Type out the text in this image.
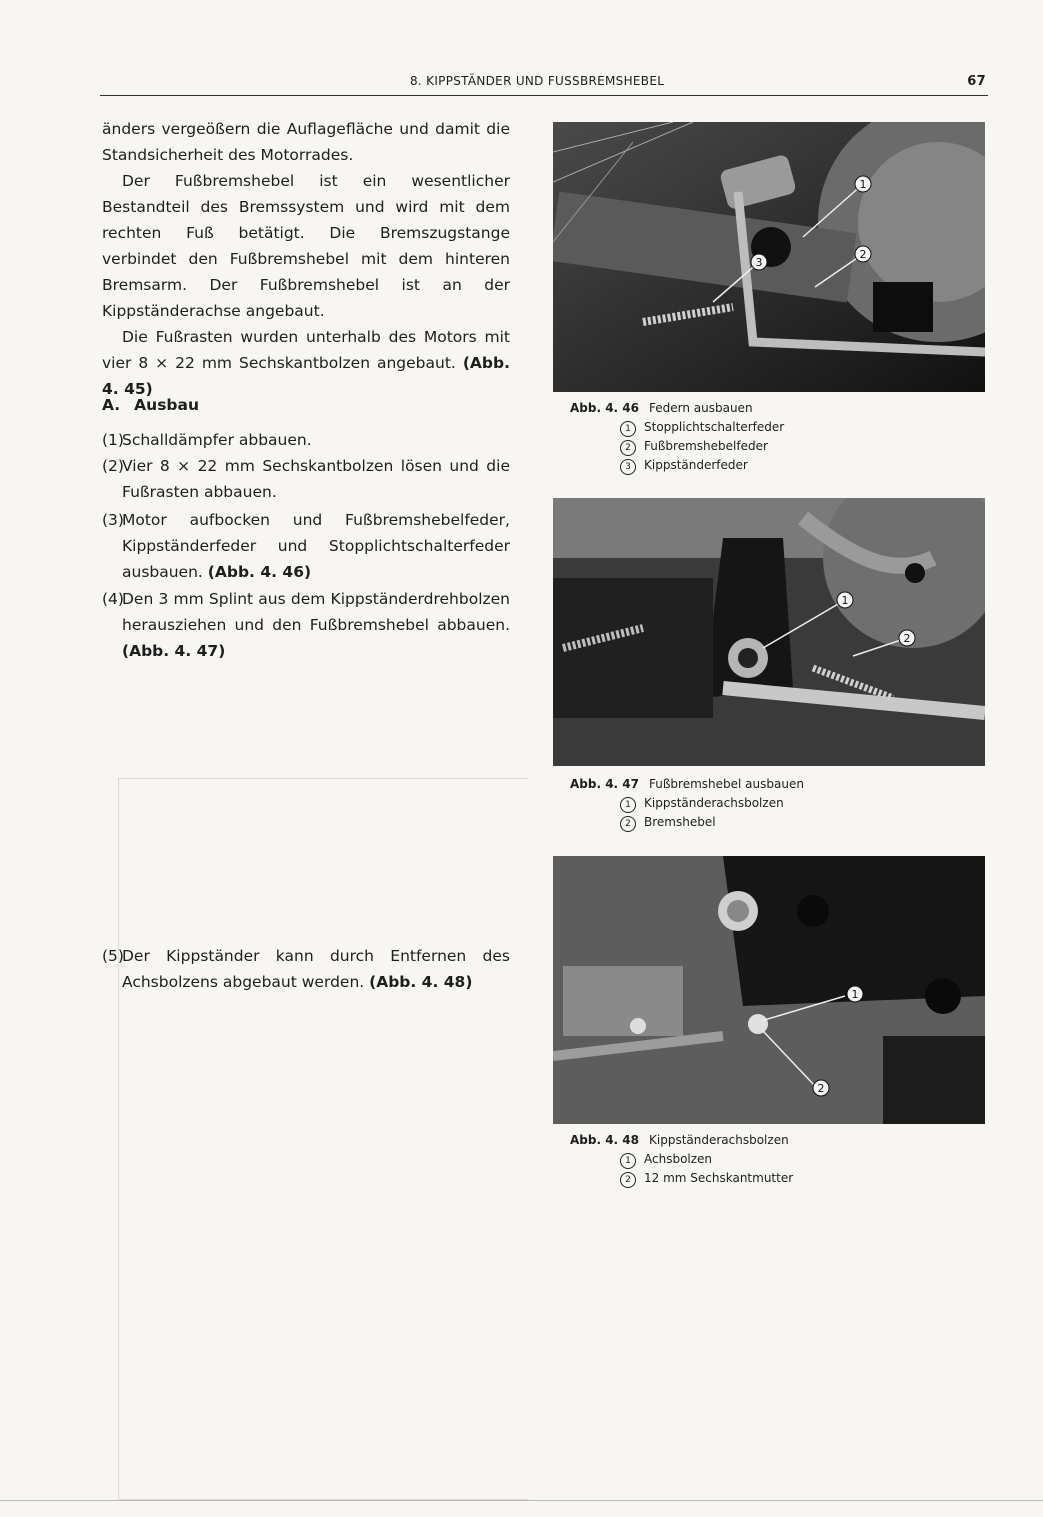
8. KIPPSTÄNDER UND FUSSBREMSHEBEL	67

änders vergeößern die Auflagefläche und damit die Standsicherheit des Motorrades.

Der Fußbremshebel ist ein wesentlicher Bestandteil des Bremssystem und wird mit dem rechten Fuß betätigt. Die Bremszugstange verbindet den Fußbremshebel mit dem hinteren Bremsarm. Der Fußbremshebel ist an der Kippständerachse angebaut.

Die Fußrasten wurden unterhalb des Motors mit vier 8 × 22 mm Sechskantbolzen angebaut. (Abb. 4. 45)

A. Ausbau
(1)
Schalldämpfer abbauen.
(2)
Vier 8 × 22 mm Sechskantbolzen lösen und die Fußrasten abbauen.
(3)
Motor aufbocken und Fußbremshebelfeder, Kippständerfeder und Stopplichtschalterfeder ausbauen. (Abb. 4. 46)
(4)
Den 3 mm Splint aus dem Kippständerdrehbolzen herausziehen und den Fußbremshebel abbauen. (Abb. 4. 47)
(5)
Der Kippständer kann durch Entfernen des Achsbolzens abgebaut werden. (Abb. 4. 48)
1
2
3
Abb. 4. 46 Federn ausbauen
1 Stopplichtschalterfeder
2 Fußbremshebelfeder
3 Kippständerfeder
1
2
Abb. 4. 47 Fußbremshebel ausbauen
1 Kippständerachsbolzen
2 Bremshebel
1
2
Abb. 4. 48 Kippständerachsbolzen
1 Achsbolzen
2 12 mm Sechskantmutter
